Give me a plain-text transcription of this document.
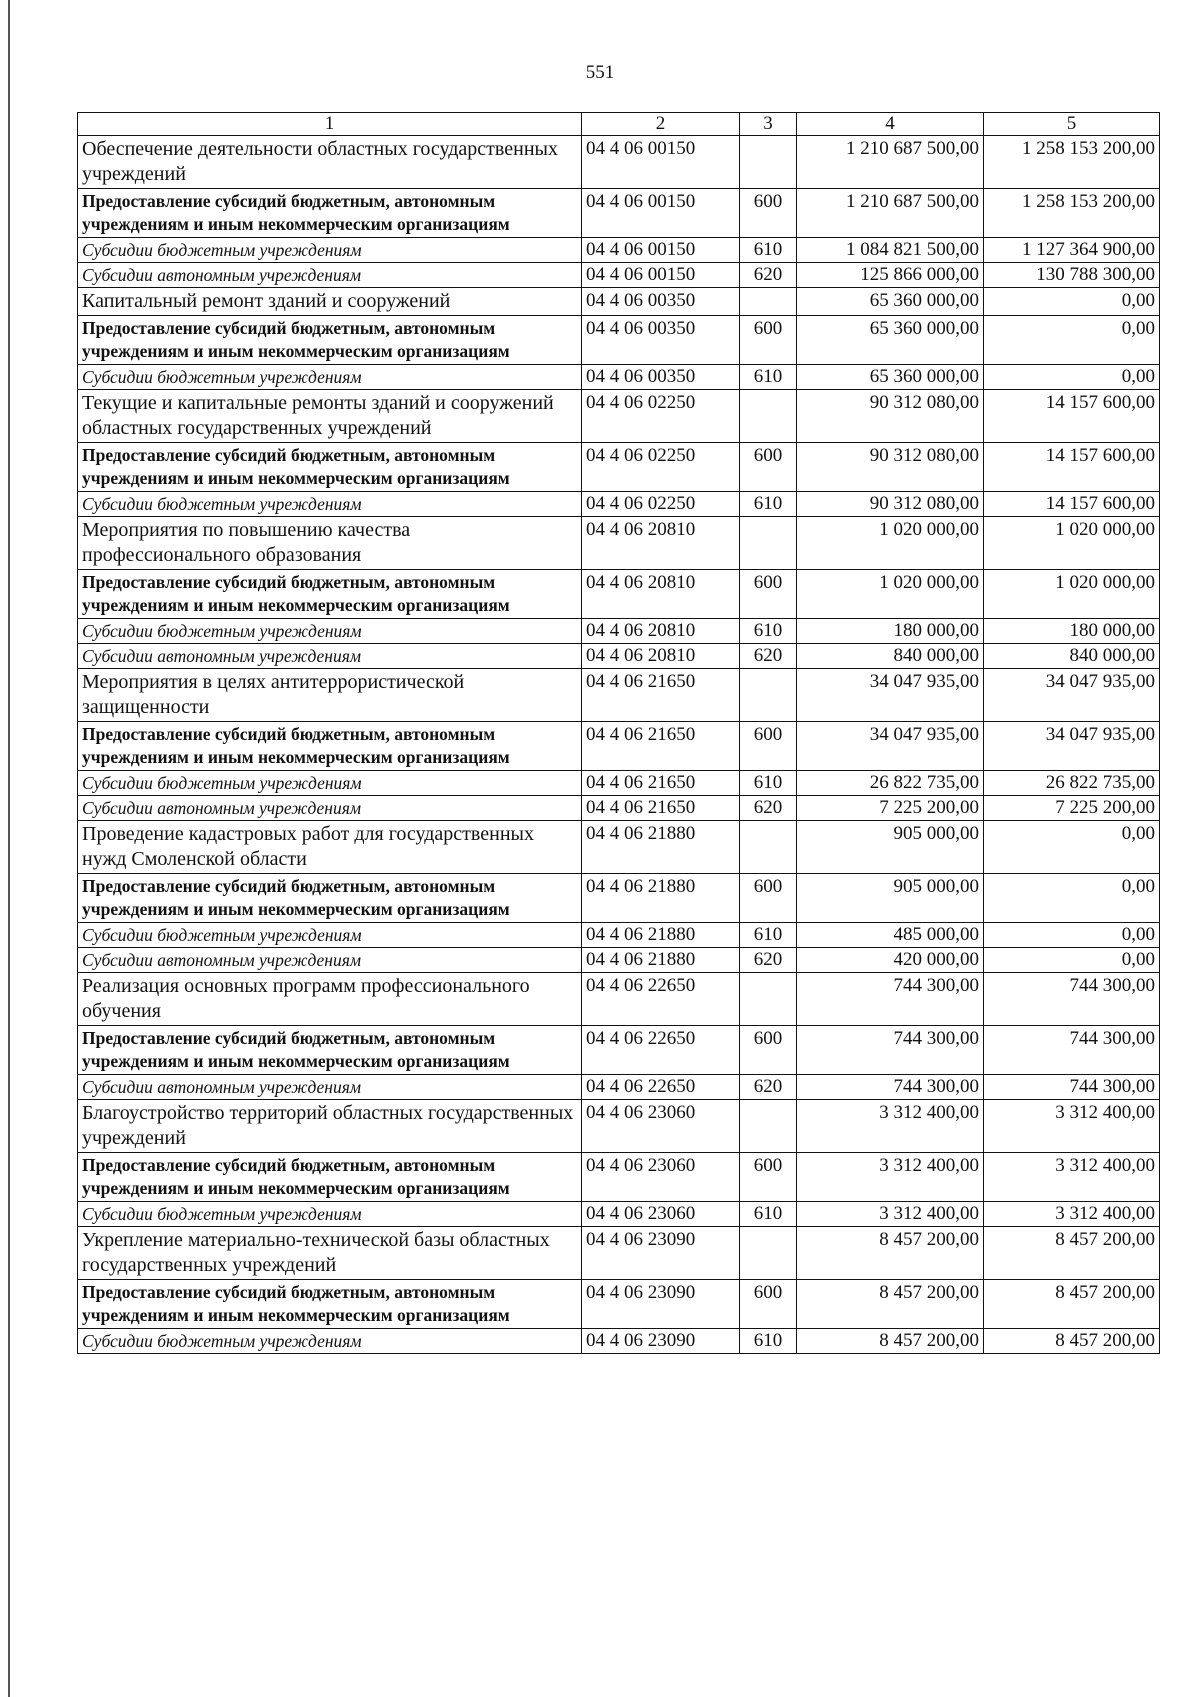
551
1	2	3	4	5
Обеспечение деятельности областных государственных учреждений	04 4 06 00150		1 210 687 500,00	1 258 153 200,00
Предоставление субсидий бюджетным, автономным учреждениям и иным некоммерческим организациям	04 4 06 00150	600	1 210 687 500,00	1 258 153 200,00
Субсидии бюджетным учреждениям	04 4 06 00150	610	1 084 821 500,00	1 127 364 900,00
Субсидии автономным учреждениям	04 4 06 00150	620	125 866 000,00	130 788 300,00
Капитальный ремонт зданий и сооружений	04 4 06 00350		65 360 000,00	0,00
Предоставление субсидий бюджетным, автономным учреждениям и иным некоммерческим организациям	04 4 06 00350	600	65 360 000,00	0,00
Субсидии бюджетным учреждениям	04 4 06 00350	610	65 360 000,00	0,00
Текущие и капитальные ремонты зданий и сооружений областных государственных учреждений	04 4 06 02250		90 312 080,00	14 157 600,00
Предоставление субсидий бюджетным, автономным учреждениям и иным некоммерческим организациям	04 4 06 02250	600	90 312 080,00	14 157 600,00
Субсидии бюджетным учреждениям	04 4 06 02250	610	90 312 080,00	14 157 600,00
Мероприятия по повышению качества профессионального образования	04 4 06 20810		1 020 000,00	1 020 000,00
Предоставление субсидий бюджетным, автономным учреждениям и иным некоммерческим организациям	04 4 06 20810	600	1 020 000,00	1 020 000,00
Субсидии бюджетным учреждениям	04 4 06 20810	610	180 000,00	180 000,00
Субсидии автономным учреждениям	04 4 06 20810	620	840 000,00	840 000,00
Мероприятия в целях антитеррористической защищенности	04 4 06 21650		34 047 935,00	34 047 935,00
Предоставление субсидий бюджетным, автономным учреждениям и иным некоммерческим организациям	04 4 06 21650	600	34 047 935,00	34 047 935,00
Субсидии бюджетным учреждениям	04 4 06 21650	610	26 822 735,00	26 822 735,00
Субсидии автономным учреждениям	04 4 06 21650	620	7 225 200,00	7 225 200,00
Проведение кадастровых работ для государственных нужд Смоленской области	04 4 06 21880		905 000,00	0,00
Предоставление субсидий бюджетным, автономным учреждениям и иным некоммерческим организациям	04 4 06 21880	600	905 000,00	0,00
Субсидии бюджетным учреждениям	04 4 06 21880	610	485 000,00	0,00
Субсидии автономным учреждениям	04 4 06 21880	620	420 000,00	0,00
Реализация основных программ профессионального обучения	04 4 06 22650		744 300,00	744 300,00
Предоставление субсидий бюджетным, автономным учреждениям и иным некоммерческим организациям	04 4 06 22650	600	744 300,00	744 300,00
Субсидии автономным учреждениям	04 4 06 22650	620	744 300,00	744 300,00
Благоустройство территорий областных государственных учреждений	04 4 06 23060		3 312 400,00	3 312 400,00
Предоставление субсидий бюджетным, автономным учреждениям и иным некоммерческим организациям	04 4 06 23060	600	3 312 400,00	3 312 400,00
Субсидии бюджетным учреждениям	04 4 06 23060	610	3 312 400,00	3 312 400,00
Укрепление материально-технической базы областных государственных учреждений	04 4 06 23090		8 457 200,00	8 457 200,00
Предоставление субсидий бюджетным, автономным учреждениям и иным некоммерческим организациям	04 4 06 23090	600	8 457 200,00	8 457 200,00
Субсидии бюджетным учреждениям	04 4 06 23090	610	8 457 200,00	8 457 200,00
